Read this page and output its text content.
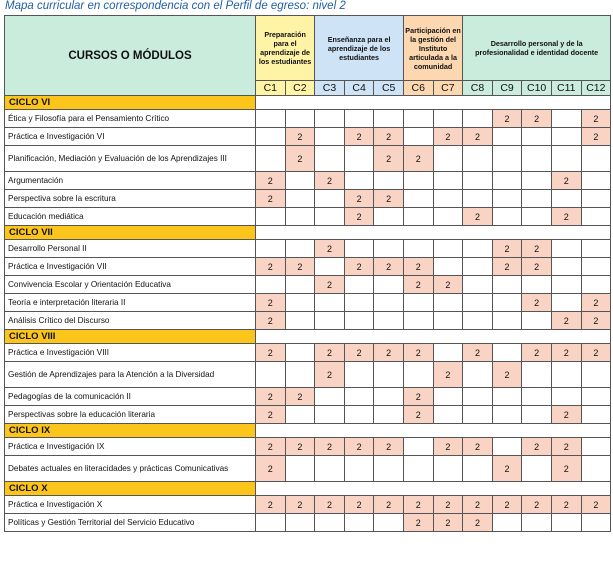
Mapa curricular en correspondencia con el Perfil de egreso: nivel 2
CURSOS O MÓDULOS	Preparación para el aprendizaje de los estudiantes		Enseñanza para el aprendizaje de los estudiantes			Participación en la gestión del Instituto articulada a la comunidad		Desarrollo personal y de la profesionalidad e identidad docente				
	C1	C2	C3	C4	C5	C6	C7	C8	C9	C10	C11	C12
CICLO VI												
Ética y Filosofía para el Pensamiento Crítico									2	2		2
Práctica e Investigación VI		2		2	2		2	2				2
Planificación, Mediación y Evaluación de los Aprendizajes III		2			2	2						
Argumentación	2		2								2	
Perspectiva sobre la escritura	2			2	2							
Educación mediática				2				2			2	
CICLO VII												
Desarrollo Personal II			2						2	2		
Práctica e Investigación VII	2	2		2	2	2			2	2		
Convivencia Escolar y Orientación Educativa			2			2	2					
Teoría e interpretación literaria II	2									2		2
Análisis Crítico del Discurso	2										2	2
CICLO VIII												
Práctica e Investigación VIII	2		2	2	2	2		2		2	2	2
Gestión de Aprendizajes para la Atención a la Diversidad			2				2		2			
Pedagogías de la comunicación II	2	2				2						
Perspectivas sobre la educación literaria	2					2					2	
CICLO IX												
Práctica e Investigación IX	2	2	2	2	2		2	2		2	2	
Debates actuales en literacidades y prácticas Comunicativas	2								2		2	
CICLO X												
Práctica e Investigación X	2	2	2	2	2	2	2	2	2	2	2	2
Políticas y Gestión Territorial del Servicio Educativo						2	2	2				
